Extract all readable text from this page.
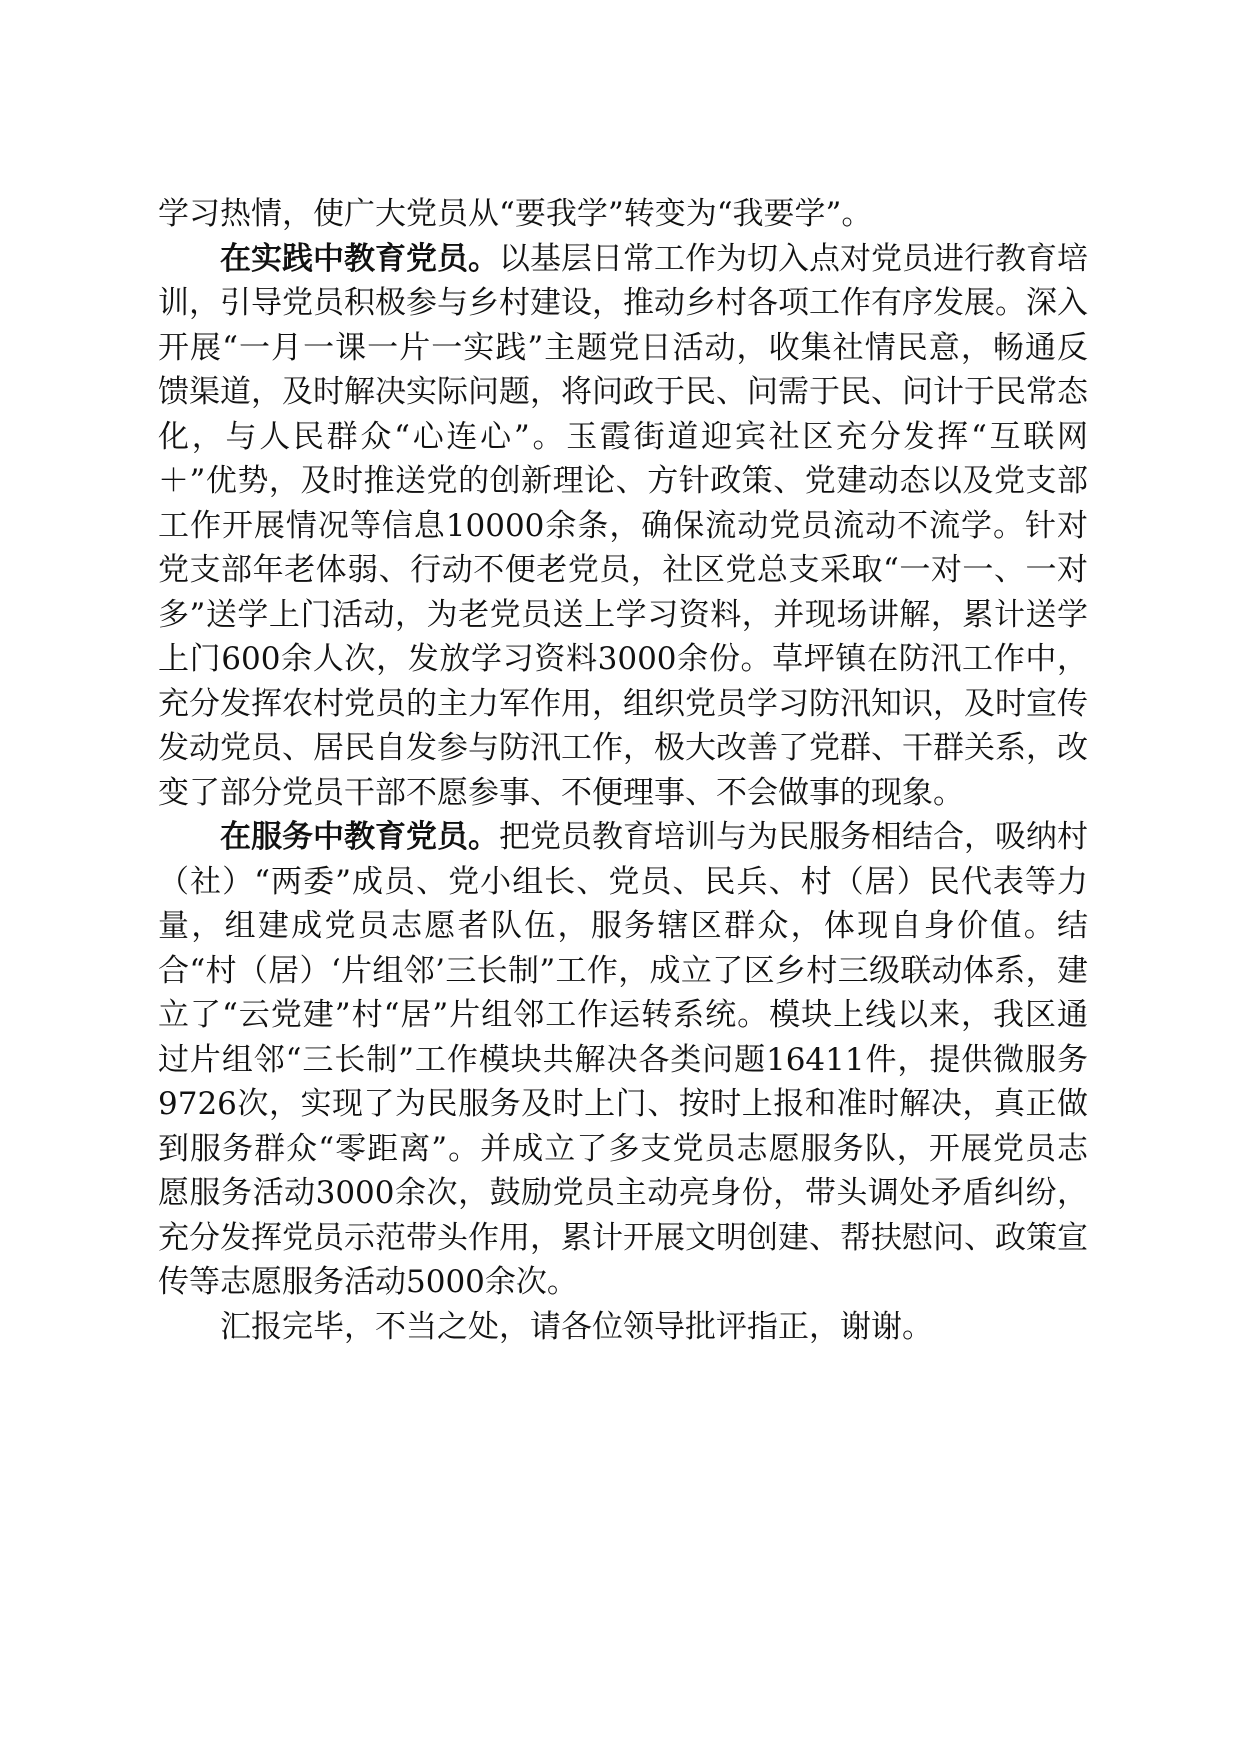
学习热情，使广大党员从“要我学”转变为“我要学”。

在实践中教育党员。以基层日常工作为切入点对党员进行教育培训，引导党员积极参与乡村建设，推动乡村各项工作有序发展。深入开展“一月一课一片一实践”主题党日活动，收集社情民意，畅通反馈渠道，及时解决实际问题，将问政于民、问需于民、问计于民常态化，与人民群众“心连心”。玉霞街道迎宾社区充分发挥“互联网＋”优势，及时推送党的创新理论、方针政策、党建动态以及党支部工作开展情况等信息10000余条，确保流动党员流动不流学。针对党支部年老体弱、行动不便老党员，社区党总支采取“一对一、一对多”送学上门活动，为老党员送上学习资料，并现场讲解，累计送学上门600余人次，发放学习资料3000余份。草坪镇在防汛工作中，充分发挥农村党员的主力军作用，组织党员学习防汛知识，及时宣传发动党员、居民自发参与防汛工作，极大改善了党群、干群关系，改变了部分党员干部不愿参事、不便理事、不会做事的现象。

在服务中教育党员。把党员教育培训与为民服务相结合，吸纳村（社）“两委”成员、党小组长、党员、民兵、村（居）民代表等力量，组建成党员志愿者队伍，服务辖区群众，体现自身价值。结合“村（居）‘片组邻’三长制”工作，成立了区乡村三级联动体系，建立了“云党建”村“居”片组邻工作运转系统。模块上线以来，我区通过片组邻“三长制”工作模块共解决各类问题16411件，提供微服务9726次，实现了为民服务及时上门、按时上报和准时解决，真正做到服务群众“零距离”。并成立了多支党员志愿服务队，开展党员志愿服务活动3000余次，鼓励党员主动亮身份，带头调处矛盾纠纷，充分发挥党员示范带头作用，累计开展文明创建、帮扶慰问、政策宣传等志愿服务活动5000余次。

汇报完毕，不当之处，请各位领导批评指正，谢谢。
